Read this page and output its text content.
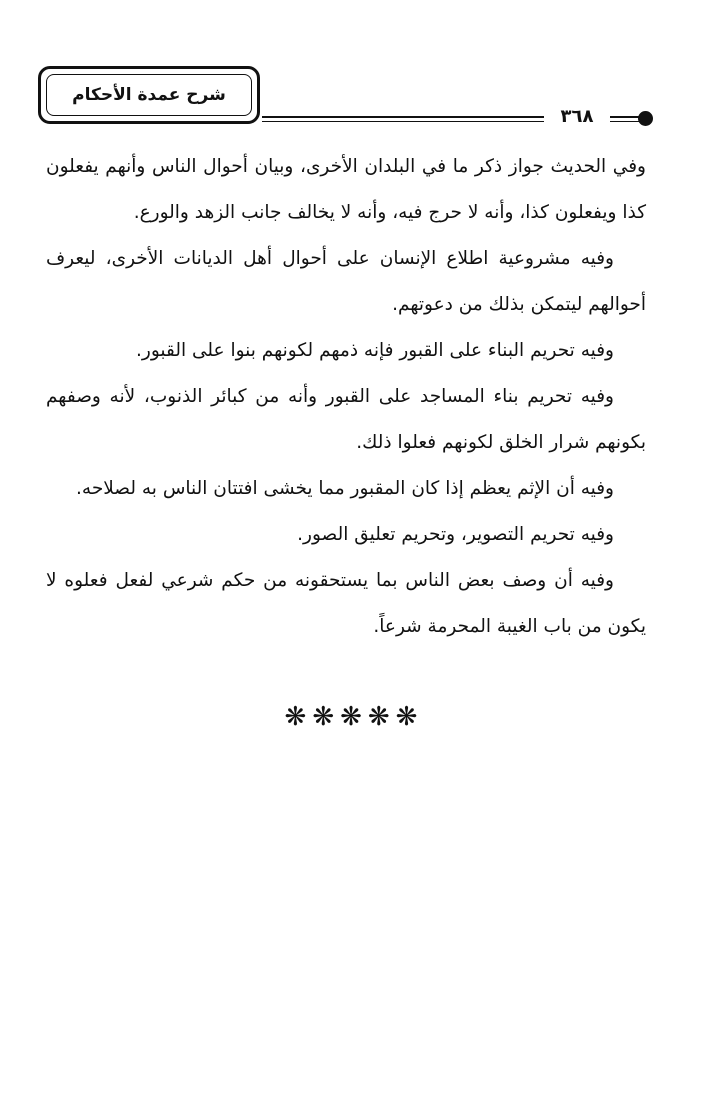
شرح عمدة الأحكام
٣٦٨

وفي الحديث جواز ذكر ما في البلدان الأخرى، وبيان أحوال الناس وأنهم يفعلون كذا ويفعلون كذا، وأنه لا حرج فيه، وأنه لا يخالف جانب الزهد والورع.

وفيه مشروعية اطلاع الإنسان على أحوال أهل الديانات الأخرى، ليعرف أحوالهم ليتمكن بذلك من دعوتهم.

وفيه تحريم البناء على القبور فإنه ذمهم لكونهم بنوا على القبور.

وفيه تحريم بناء المساجد على القبور وأنه من كبائر الذنوب، لأنه وصفهم بكونهم شرار الخلق لكونهم فعلوا ذلك.

وفيه أن الإثم يعظم إذا كان المقبور مما يخشى افتتان الناس به لصلاحه.

وفيه تحريم التصوير، وتحريم تعليق الصور.

وفيه أن وصف بعض الناس بما يستحقونه من حكم شرعي لفعل فعلوه لا يكون من باب الغيبة المحرمة شرعاً.

❋❋❋❋❋
